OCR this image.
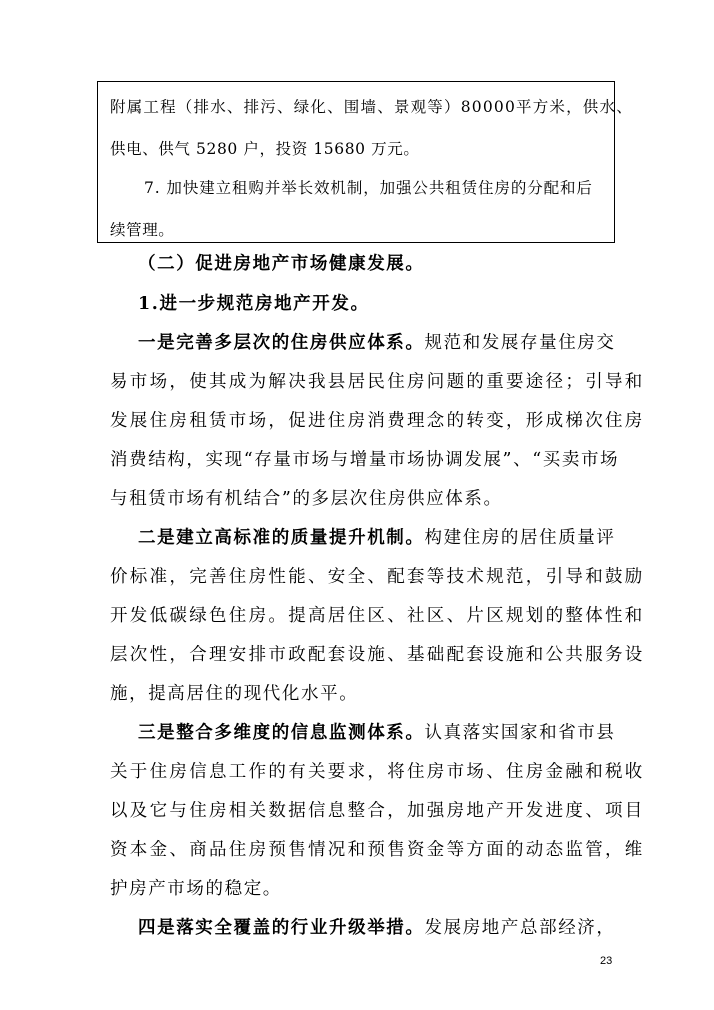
附属工程（排水、排污、绿化、围墙、景观等）80000平方米，供水、
供电、供气 5280 户，投资 15680 万元。
7. 加快建立租购并举长效机制，加强公共租赁住房的分配和后
续管理。
（二）促进房地产市场健康发展。
1.进一步规范房地产开发。
一是完善多层次的住房供应体系。规范和发展存量住房交
易市场，使其成为解决我县居民住房问题的重要途径；引导和
发展住房租赁市场，促进住房消费理念的转变，形成梯次住房
消费结构，实现“存量市场与增量市场协调发展”、“买卖市场
与租赁市场有机结合”的多层次住房供应体系。
二是建立高标准的质量提升机制。构建住房的居住质量评
价标准，完善住房性能、安全、配套等技术规范，引导和鼓励
开发低碳绿色住房。提高居住区、社区、片区规划的整体性和
层次性，合理安排市政配套设施、基础配套设施和公共服务设
施，提高居住的现代化水平。
三是整合多维度的信息监测体系。认真落实国家和省市县
关于住房信息工作的有关要求，将住房市场、住房金融和税收
以及它与住房相关数据信息整合，加强房地产开发进度、项目
资本金、商品住房预售情况和预售资金等方面的动态监管，维
护房产市场的稳定。
四是落实全覆盖的行业升级举措。发展房地产总部经济，
23
